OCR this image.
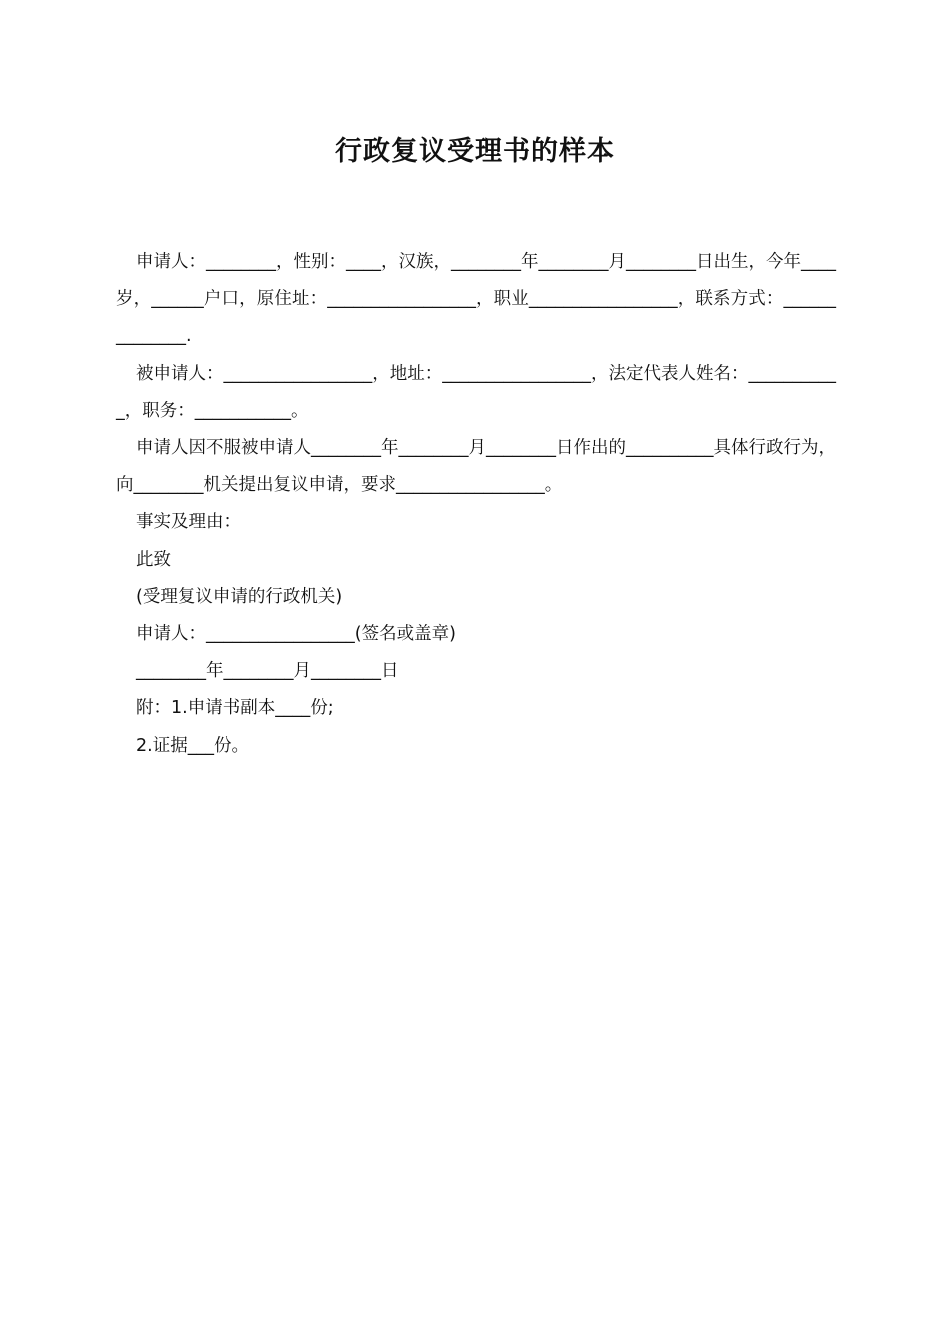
行政复议受理书的样本

申请人：________，性别：____，汉族，________年________月________日出生，今年____岁，______户口，原住址：_________________，职业_________________，联系方式：______________.

被申请人：_________________，地址：_________________，法定代表人姓名：___________，职务：___________。

申请人因不服被申请人________年________月________日作出的__________具体行政行为，向________机关提出复议申请，要求_________________。

事实及理由：

此致

(受理复议申请的行政机关)

申请人：_________________(签名或盖章)

________年________月________日

附：1.申请书副本____份;

2.证据___份。
